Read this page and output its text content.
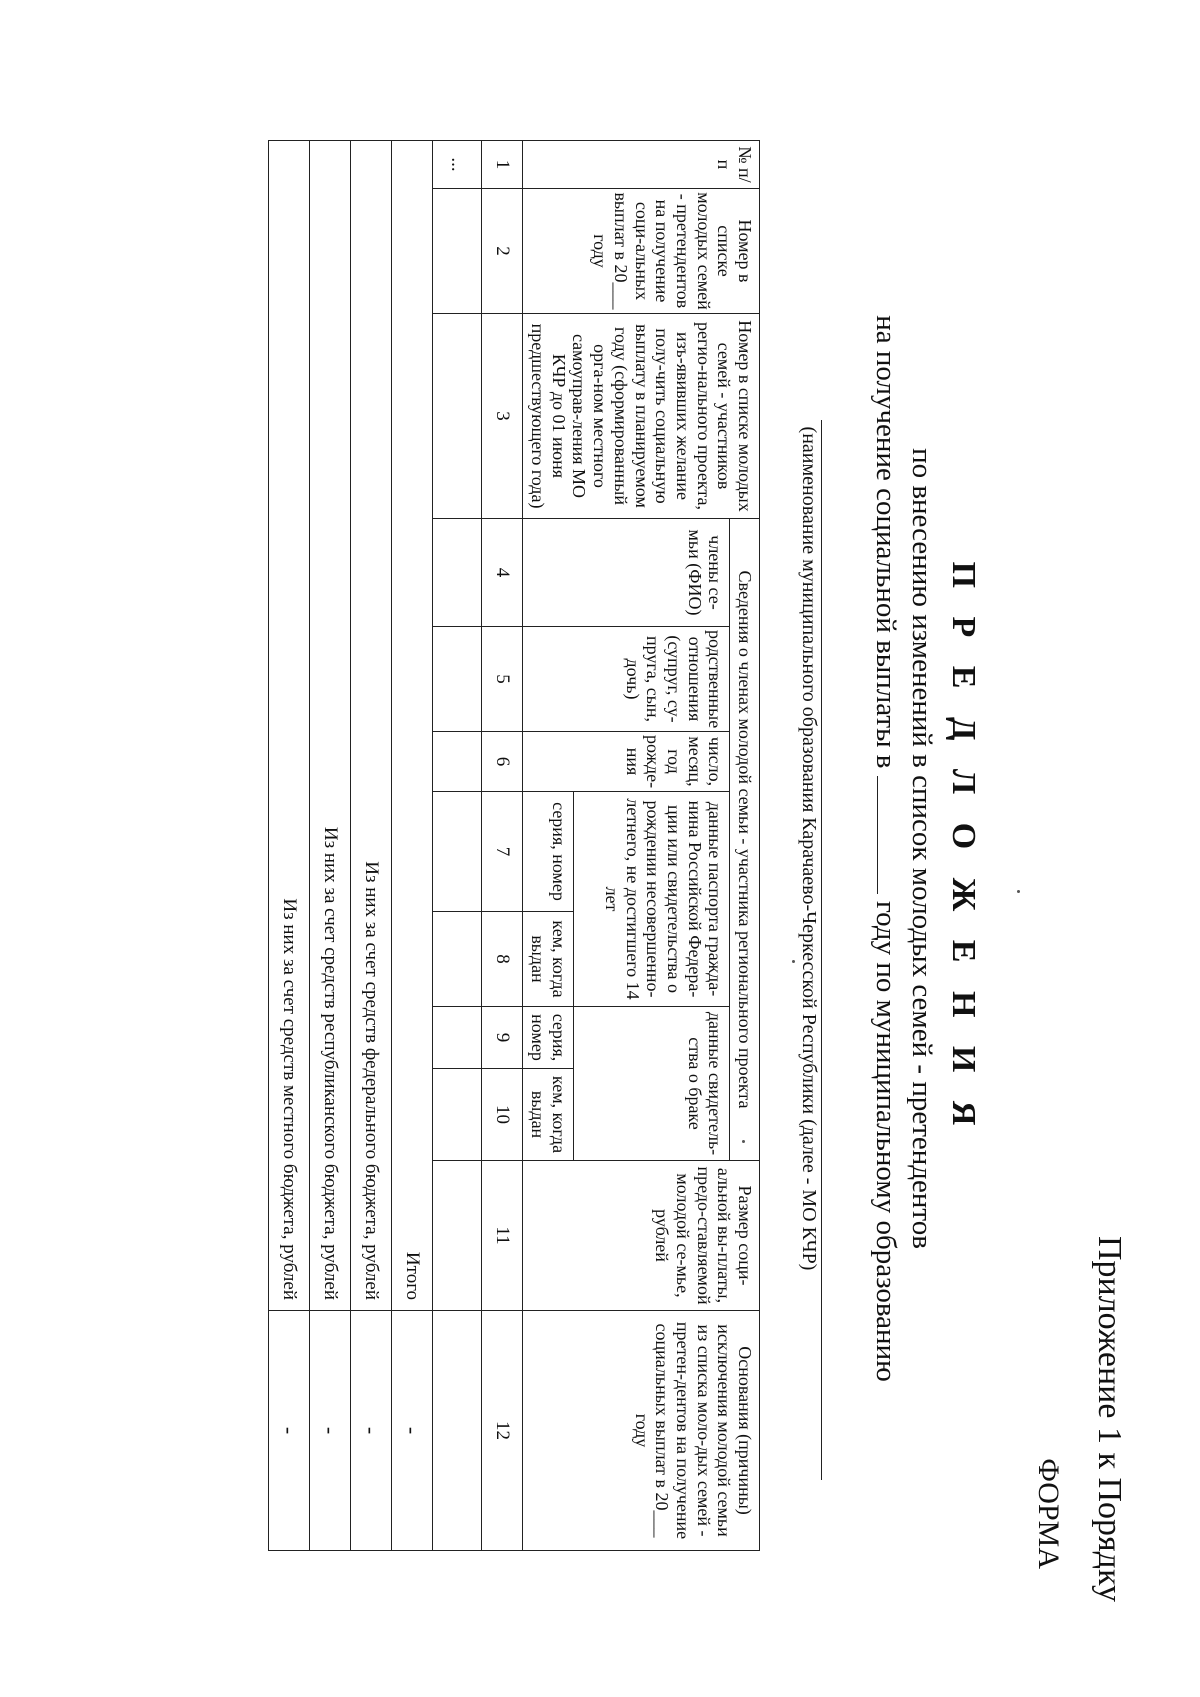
Приложение 1 к Порядку
ФОРМА
П Р Е Д Л О Ж Е Н И Я
по внесению изменений в список молодых семей - претендентов
на получение социальной выплаты в  году по муниципальному образованию
(наименование муниципального образования Карачаево-Черкесской Республики (далее - МО КЧР)
№ п/п	Номер в списке молодых семей - претендентов на получение соци-альных выплат в 20___ году	Номер в списке молодых семей - участников регио-нального проекта, изъ-явивших желание полу-чить социальную выплату в планируемом году (сформированный орга-ном местного самоуправ-ления МО КЧР до 01 июня предшествующего года)	Сведения о членах молодой семьи - участника регионального проекта							Размер соци-альной вы-платы, предо-ставляемой молодой се-мье, рублей	Основания (причины) исключения молодой семьи из списка моло-дых семей - претен-дентов на получение социальных выплат в 20___ году
			члены се-мьи (ФИО)	родственные отношения (супруг, су-пруга, сын, дочь)	число, месяц, год рожде-ния	данные паспорта гражда-нина Российской Федера-ции или свидетельства о рождении несовершенно-летнего, не достигшего 14 лет		данные свидетель-ства о браке			
						серия, номер	кем, когда выдан	серия, номер	кем, когда выдан		
1	2	3	4	5	6	7	8	9	10	11	12
...											
Итого											-
Из них за счет средств федерального бюджета, рублей											-
Из них за счет средств республиканского бюджета, рублей											-
Из них за счет средств местного бюджета, рублей											-
